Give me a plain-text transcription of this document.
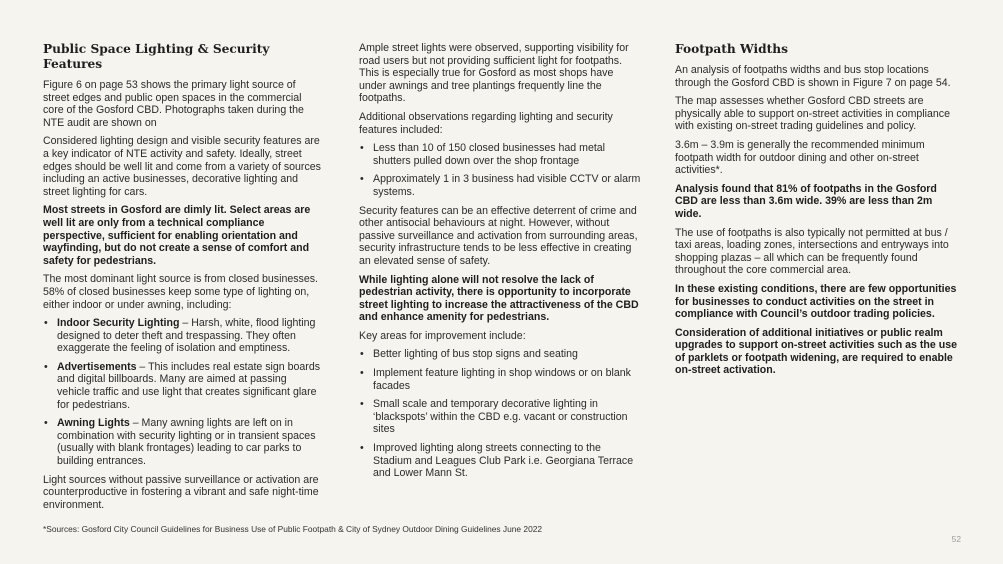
Public Space Lighting & Security Features

Figure 6 on page 53 shows the primary light source of street edges and public open spaces in the commercial core of the Gosford CBD. Photographs taken during the NTE audit are shown on

Considered lighting design and visible security features are a key indicator of NTE activity and safety. Ideally, street edges should be well lit and come from a variety of sources including an active businesses, decorative lighting and street lighting for cars.

Most streets in Gosford are dimly lit. Select areas are well lit are only from a technical compliance perspective, sufficient for enabling orientation and wayfinding, but do not create a sense of comfort and safety for pedestrians.

The most dominant light source is from closed businesses. 58% of closed businesses keep some type of lighting on, either indoor or under awning, including:

• Indoor Security Lighting – Harsh, white, flood lighting designed to deter theft and trespassing. They often exaggerate the feeling of isolation and emptiness.
• Advertisements – This includes real estate sign boards and digital billboards. Many are aimed at passing vehicle traffic and use light that creates significant glare for pedestrians.
• Awning Lights – Many awning lights are left on in combination with security lighting or in transient spaces (usually with blank frontages) leading to car parks to building entrances.

Light sources without passive surveillance or activation are counterproductive in fostering a vibrant and safe night-time environment.

Ample street lights were observed, supporting visibility for road users but not providing sufficient light for footpaths. This is especially true for Gosford as most shops have under awnings and tree plantings frequently line the footpaths.

Additional observations regarding lighting and security features included:

• Less than 10 of 150 closed businesses had metal shutters pulled down over the shop frontage
• Approximately 1 in 3 business had visible CCTV or alarm systems.

Security features can be an effective deterrent of crime and other antisocial behaviours at night. However, without passive surveillance and activation from surrounding areas, security infrastructure tends to be less effective in creating an elevated sense of safety.

While lighting alone will not resolve the lack of pedestrian activity, there is opportunity to incorporate street lighting to increase the attractiveness of the CBD and enhance amenity for pedestrians.

Key areas for improvement include:

• Better lighting of bus stop signs and seating
• Implement feature lighting in shop windows or on blank facades
• Small scale and temporary decorative lighting in ‘blackspots’ within the CBD e.g. vacant or construction sites
• Improved lighting along streets connecting to the Stadium and Leagues Club Park i.e. Georgiana Terrace and Lower Mann St.
Footpath Widths

An analysis of footpaths widths and bus stop locations through the Gosford CBD is shown in Figure 7 on page 54.

The map assesses whether Gosford CBD streets are physically able to support on-street activities in compliance with existing on-street trading guidelines and policy.

3.6m – 3.9m is generally the recommended minimum footpath width for outdoor dining and other on-street activities*.

Analysis found that 81% of footpaths in the Gosford CBD are less than 3.6m wide. 39% are less than 2m wide.

The use of footpaths is also typically not permitted at bus / taxi areas, loading zones, intersections and entryways into shopping plazas – all which can be frequently found throughout the core commercial area.

In these existing conditions, there are few opportunities for businesses to conduct activities on the street in compliance with Council’s outdoor trading policies.

Consideration of additional initiatives or public realm upgrades to support on-street activities such as the use of parklets or footpath widening, are required to enable on-street activation.

*Sources: Gosford City Council Guidelines for Business Use of Public Footpath & City of Sydney Outdoor Dining Guidelines June 2022
52
